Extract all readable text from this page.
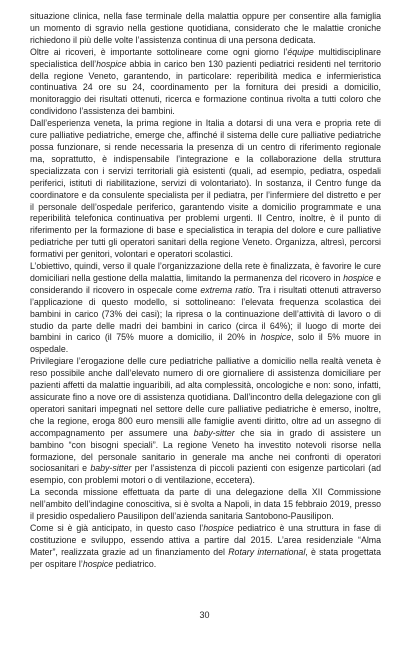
situazione clinica, nella fase terminale della malattia oppure per consentire alla famiglia un momento di sgravio nella gestione quotidiana, considerato che le malattie croniche richiedono il più delle volte l’assistenza continua di una persona dedicata.

Oltre ai ricoveri, è importante sottolineare come ogni giorno l’équipe multidisciplinare specialistica dell’hospice abbia in carico ben 130 pazienti pediatrici residenti nel territorio della regione Veneto, garantendo, in particolare: reperibilità medica e infermieristica continuativa 24 ore su 24, coordinamento per la fornitura dei presidi a domicilio, monitoraggio dei risultati ottenuti, ricerca e formazione continua rivolta a tutti coloro che condividono l’assistenza dei bambini.

Dall’esperienza veneta, la prima regione in Italia a dotarsi di una vera e propria rete di cure palliative pediatriche, emerge che, affinché il sistema delle cure palliative pediatriche possa funzionare, si rende necessaria la presenza di un centro di riferimento regionale ma, soprattutto, è indispensabile l’integrazione e la collaborazione della struttura specializzata con i servizi territoriali già esistenti (quali, ad esempio, pediatra, ospedali periferici, istituti di riabilitazione, servizi di volontariato). In sostanza, il Centro funge da coordinatore e da consulente specialista per il pediatra, per l’infermiere del distretto e per il personale dell’ospedale periferico, garantendo visite a domicilio programmate e una reperibilità telefonica continuativa per problemi urgenti. Il Centro, inoltre, è il punto di riferimento per la formazione di base e specialistica in terapia del dolore e cure palliative pediatriche per tutti gli operatori sanitari della regione Veneto. Organizza, altresì, percorsi formativi per genitori, volontari e operatori scolastici.

L’obiettivo, quindi, verso il quale l’organizzazione della rete è finalizzata, è favorire le cure domiciliari nella gestione della malattia, limitando la permanenza del ricovero in hospice e considerando il ricovero in ospecale come extrema ratio. Tra i risultati ottenuti attraverso l’applicazione di questo modello, si sottolineano: l’elevata frequenza scolastica dei bambini in carico (73% dei casi); la ripresa o la continuazione dell’attività di lavoro o di studio da parte delle madri dei bambini in carico (circa il 64%); il luogo di morte dei bambini in carico (il 75% muore a domicilio, il 20% in hospice, solo il 5% muore in ospedale.

Privilegiare l’erogazione delle cure pediatriche palliative a domicilio nella realtà veneta è reso possibile anche dall’elevato numero di ore giornaliere di assistenza domiciliare per pazienti affetti da malattie inguaribili, ad alta complessità, oncologiche e non: sono, infatti, assicurate fino a nove ore di assistenza quotidiana. Dall’incontro della delegazione con gli operatori sanitari impegnati nel settore delle cure palliative pediatriche è emerso, inoltre, che la regione, eroga 800 euro mensili alle famiglie aventi diritto, oltre ad un assegno di accompagnamento per assumere una baby-sitter che sia in grado di assistere un bambino “con bisogni speciali”. La regione Veneto ha investito notevoli risorse nella formazione, del personale sanitario in generale ma anche nei confronti di operatori sociosanitari e baby-sitter per l’assistenza di piccoli pazienti con esigenze particolari (ad esempio, con problemi motori o di ventilazione, eccetera).

La seconda missione effettuata da parte di una delegazione della XII Commissione nell’ambito dell’indagine conoscitiva, si è svolta a Napoli, in data 15 febbraio 2019, presso il presidio ospedaliero Pausilipon dell’azienda sanitaria Santobono-Pausilipon.

Come si è già anticipato, in questo caso l’hospice pediatrico è una struttura in fase di costituzione e sviluppo, essendo attiva a partire dal 2015. L’area residenziale “Alma Mater”, realizzata grazie ad un finanziamento del Rotary international, è stata progettata per ospitare l’hospice pediatrico.

30
